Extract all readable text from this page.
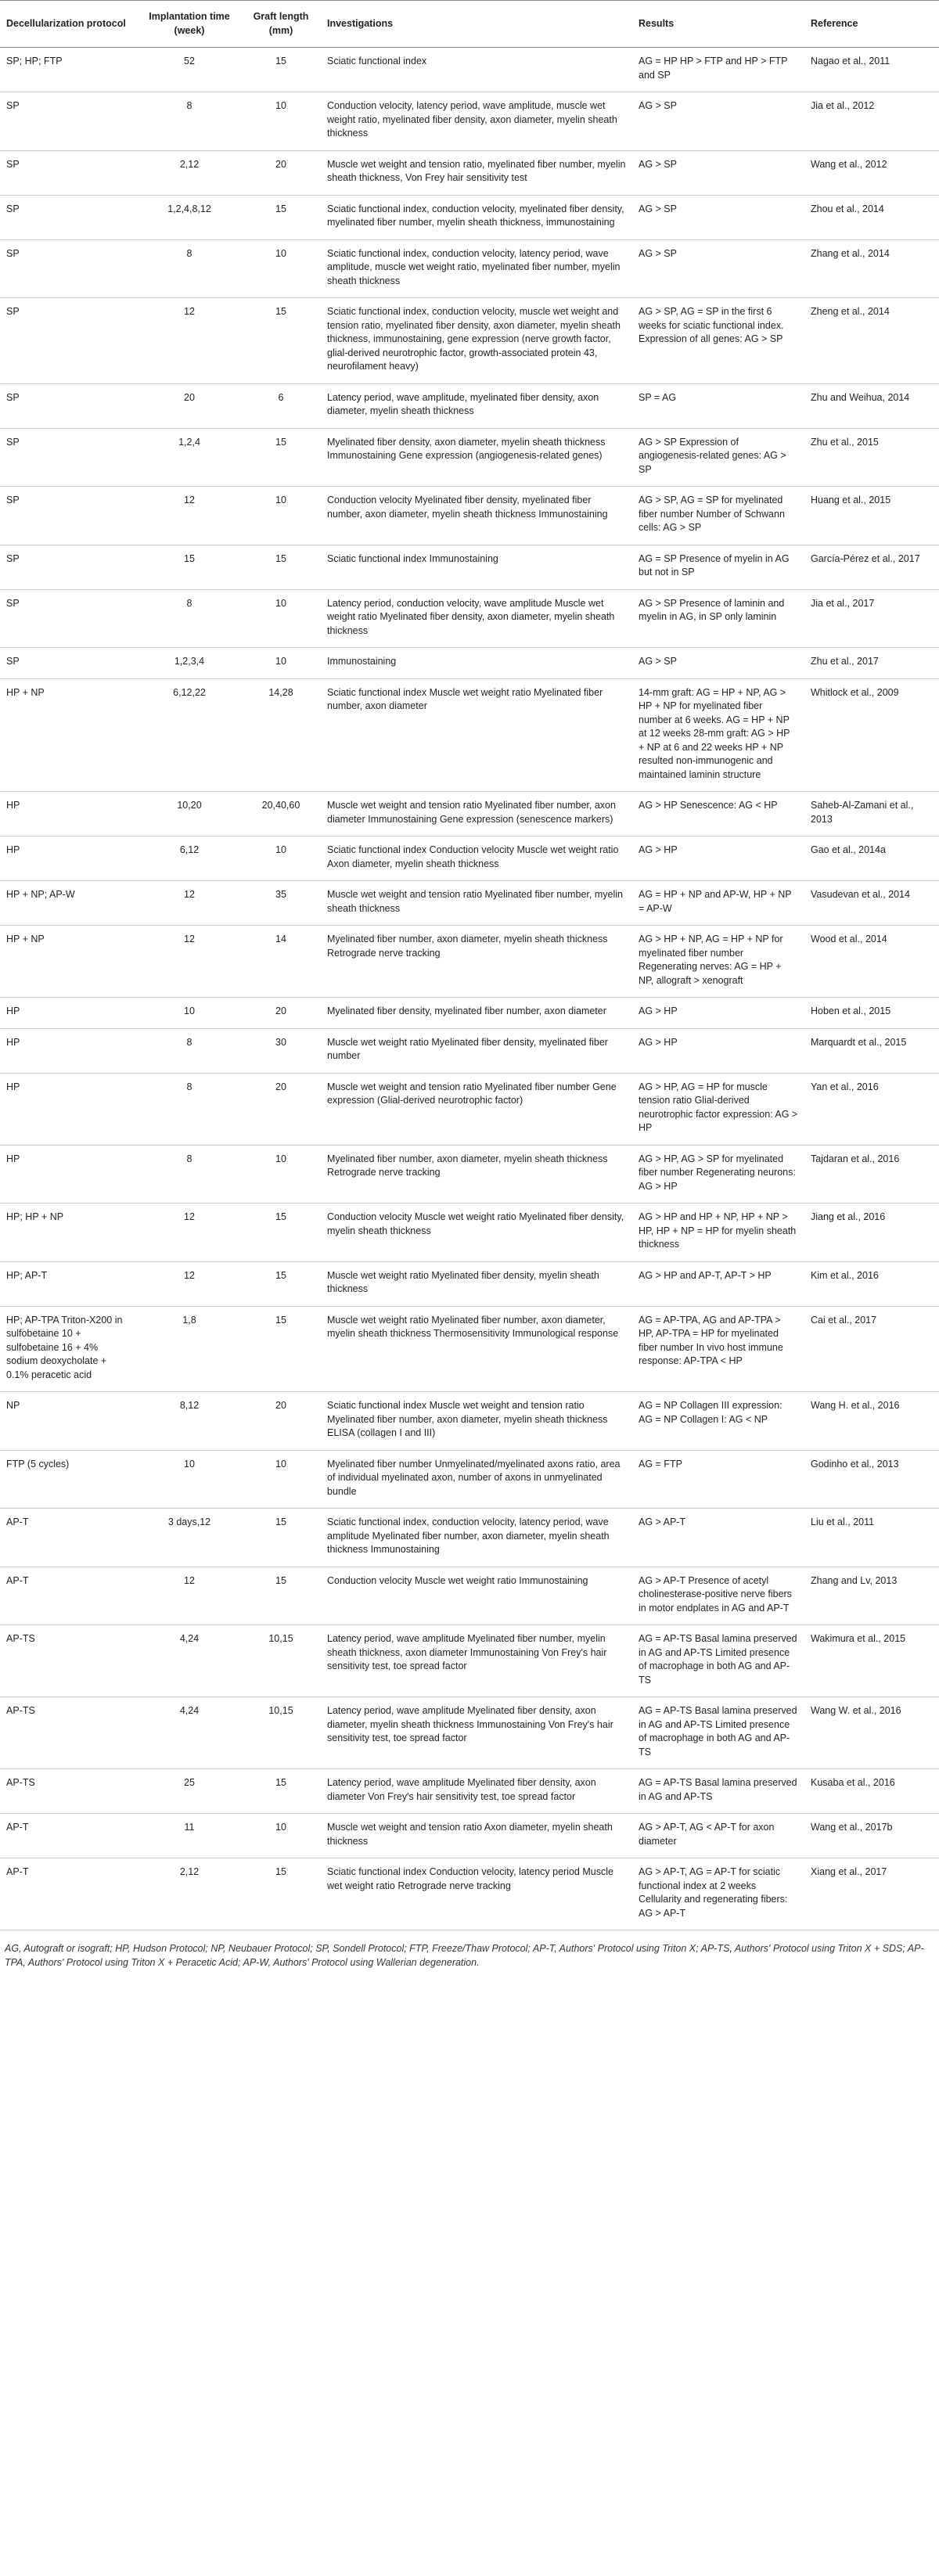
Decellularization protocol	Implantation time (week)	Graft length (mm)	Investigations	Results	Reference
SP; HP; FTP	52	15	Sciatic functional index	AG = HP HP > FTP and HP > FTP and SP	Nagao et al., 2011
SP	8	10	Conduction velocity, latency period, wave amplitude, muscle wet weight ratio, myelinated fiber density, axon diameter, myelin sheath thickness	AG > SP	Jia et al., 2012
SP	2,12	20	Muscle wet weight and tension ratio, myelinated fiber number, myelin sheath thickness, Von Frey hair sensitivity test	AG > SP	Wang et al., 2012
SP	1,2,4,8,12	15	Sciatic functional index, conduction velocity, myelinated fiber density, myelinated fiber number, myelin sheath thickness, immunostaining	AG > SP	Zhou et al., 2014
SP	8	10	Sciatic functional index, conduction velocity, latency period, wave amplitude, muscle wet weight ratio, myelinated fiber number, myelin sheath thickness	AG > SP	Zhang et al., 2014
SP	12	15	Sciatic functional index, conduction velocity, muscle wet weight and tension ratio, myelinated fiber density, axon diameter, myelin sheath thickness, immunostaining, gene expression (nerve growth factor, glial-derived neurotrophic factor, growth-associated protein 43, neurofilament heavy)	AG > SP, AG = SP in the first 6 weeks for sciatic functional index. Expression of all genes: AG > SP	Zheng et al., 2014
SP	20	6	Latency period, wave amplitude, myelinated fiber density, axon diameter, myelin sheath thickness	SP = AG	Zhu and Weihua, 2014
SP	1,2,4	15	Myelinated fiber density, axon diameter, myelin sheath thickness Immunostaining Gene expression (angiogenesis-related genes)	AG > SP Expression of angiogenesis-related genes: AG > SP	Zhu et al., 2015
SP	12	10	Conduction velocity Myelinated fiber density, myelinated fiber number, axon diameter, myelin sheath thickness Immunostaining	AG > SP, AG = SP for myelinated fiber number Number of Schwann cells: AG > SP	Huang et al., 2015
SP	15	15	Sciatic functional index Immunostaining	AG = SP Presence of myelin in AG but not in SP	García-Pérez et al., 2017
SP	8	10	Latency period, conduction velocity, wave amplitude Muscle wet weight ratio Myelinated fiber density, axon diameter, myelin sheath thickness	AG > SP Presence of laminin and myelin in AG, in SP only laminin	Jia et al., 2017
SP	1,2,3,4	10	Immunostaining	AG > SP	Zhu et al., 2017
HP + NP	6,12,22	14,28	Sciatic functional index Muscle wet weight ratio Myelinated fiber number, axon diameter	14-mm graft: AG = HP + NP, AG > HP + NP for myelinated fiber number at 6 weeks. AG = HP + NP at 12 weeks 28-mm graft: AG > HP + NP at 6 and 22 weeks HP + NP resulted non-immunogenic and maintained laminin structure	Whitlock et al., 2009
HP	10,20	20,40,60	Muscle wet weight and tension ratio Myelinated fiber number, axon diameter Immunostaining Gene expression (senescence markers)	AG > HP Senescence: AG < HP	Saheb-Al-Zamani et al., 2013
HP	6,12	10	Sciatic functional index Conduction velocity Muscle wet weight ratio Axon diameter, myelin sheath thickness	AG > HP	Gao et al., 2014a
HP + NP; AP-W	12	35	Muscle wet weight and tension ratio Myelinated fiber number, myelin sheath thickness	AG = HP + NP and AP-W, HP + NP = AP-W	Vasudevan et al., 2014
HP + NP	12	14	Myelinated fiber number, axon diameter, myelin sheath thickness Retrograde nerve tracking	AG > HP + NP, AG = HP + NP for myelinated fiber number Regenerating nerves: AG = HP + NP, allograft > xenograft	Wood et al., 2014
HP	10	20	Myelinated fiber density, myelinated fiber number, axon diameter	AG > HP	Hoben et al., 2015
HP	8	30	Muscle wet weight ratio Myelinated fiber density, myelinated fiber number	AG > HP	Marquardt et al., 2015
HP	8	20	Muscle wet weight and tension ratio Myelinated fiber number Gene expression (Glial-derived neurotrophic factor)	AG > HP, AG = HP for muscle tension ratio Glial-derived neurotrophic factor expression: AG > HP	Yan et al., 2016
HP	8	10	Myelinated fiber number, axon diameter, myelin sheath thickness Retrograde nerve tracking	AG > HP, AG > SP for myelinated fiber number Regenerating neurons: AG > HP	Tajdaran et al., 2016
HP; HP + NP	12	15	Conduction velocity Muscle wet weight ratio Myelinated fiber density, myelin sheath thickness	AG > HP and HP + NP, HP + NP > HP, HP + NP = HP for myelin sheath thickness	Jiang et al., 2016
HP; AP-T	12	15	Muscle wet weight ratio Myelinated fiber density, myelin sheath thickness	AG > HP and AP-T, AP-T > HP	Kim et al., 2016
HP; AP-TPA Triton-X200 in sulfobetaine 10 + sulfobetaine 16 + 4% sodium deoxycholate + 0.1% peracetic acid	1,8	15	Muscle wet weight ratio Myelinated fiber number, axon diameter, myelin sheath thickness Thermosensitivity Immunological response	AG = AP-TPA, AG and AP-TPA > HP, AP-TPA = HP for myelinated fiber number In vivo host immune response: AP-TPA < HP	Cai et al., 2017
NP	8,12	20	Sciatic functional index Muscle wet weight and tension ratio Myelinated fiber number, axon diameter, myelin sheath thickness ELISA (collagen I and III)	AG = NP Collagen III expression: AG = NP Collagen I: AG < NP	Wang H. et al., 2016
FTP (5 cycles)	10	10	Myelinated fiber number Unmyelinated/myelinated axons ratio, area of individual myelinated axon, number of axons in unmyelinated bundle	AG = FTP	Godinho et al., 2013
AP-T	3 days,12	15	Sciatic functional index, conduction velocity, latency period, wave amplitude Myelinated fiber number, axon diameter, myelin sheath thickness Immunostaining	AG > AP-T	Liu et al., 2011
AP-T	12	15	Conduction velocity Muscle wet weight ratio Immunostaining	AG > AP-T Presence of acetyl cholinesterase-positive nerve fibers in motor endplates in AG and AP-T	Zhang and Lv, 2013
AP-TS	4,24	10,15	Latency period, wave amplitude Myelinated fiber number, myelin sheath thickness, axon diameter Immunostaining Von Frey's hair sensitivity test, toe spread factor	AG = AP-TS Basal lamina preserved in AG and AP-TS Limited presence of macrophage in both AG and AP-TS	Wakimura et al., 2015
AP-TS	4,24	10,15	Latency period, wave amplitude Myelinated fiber density, axon diameter, myelin sheath thickness Immunostaining Von Frey's hair sensitivity test, toe spread factor	AG = AP-TS Basal lamina preserved in AG and AP-TS Limited presence of macrophage in both AG and AP-TS	Wang W. et al., 2016
AP-TS	25	15	Latency period, wave amplitude Myelinated fiber density, axon diameter Von Frey's hair sensitivity test, toe spread factor	AG = AP-TS Basal lamina preserved in AG and AP-TS	Kusaba et al., 2016
AP-T	11	10	Muscle wet weight and tension ratio Axon diameter, myelin sheath thickness	AG > AP-T, AG < AP-T for axon diameter	Wang et al., 2017b
AP-T	2,12	15	Sciatic functional index Conduction velocity, latency period Muscle wet weight ratio Retrograde nerve tracking	AG > AP-T, AG = AP-T for sciatic functional index at 2 weeks Cellularity and regenerating fibers: AG > AP-T	Xiang et al., 2017
AG, Autograft or isograft; HP, Hudson Protocol; NP, Neubauer Protocol; SP, Sondell Protocol; FTP, Freeze/Thaw Protocol; AP-T, Authors' Protocol using Triton X; AP-TS, Authors' Protocol using Triton X + SDS; AP-TPA, Authors' Protocol using Triton X + Peracetic Acid; AP-W, Authors' Protocol using Wallerian degeneration.
